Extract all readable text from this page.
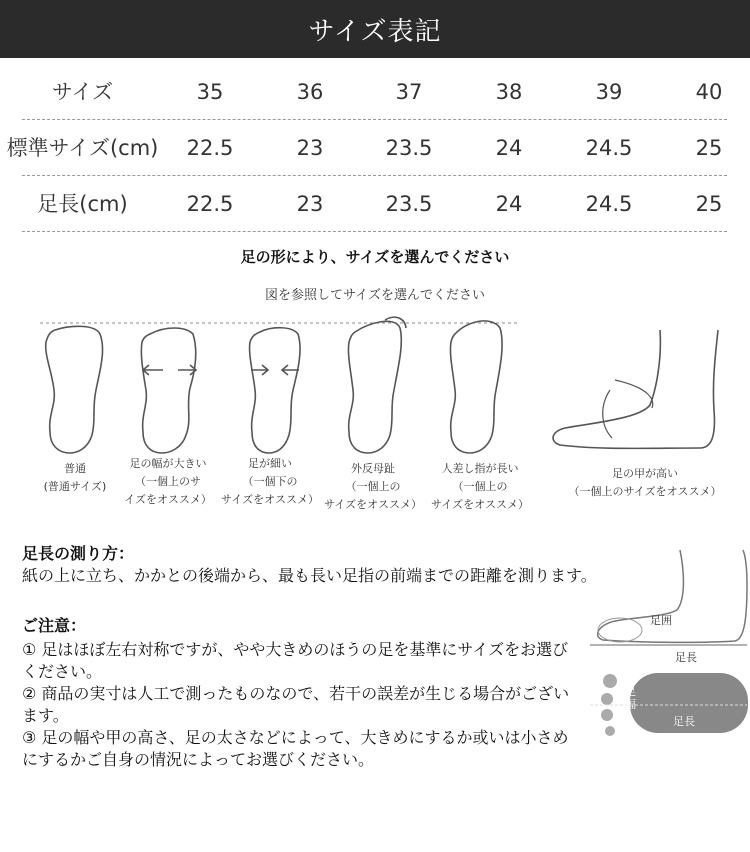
サイズ表記
サイズ	35	36	37	38	39	40
標準サイズ(cm)	22.5	23	23.5	24	24.5	25
足長(cm)	22.5	23	23.5	24	24.5	25
足の形により、サイズを選んでください
図を参照してサイズを選んでください
普通
(普通サイズ)
足の幅が大きい
（一個上のサ
イズをオススメ）
足が細い
（一個下の
サイズをオススメ）
外反母趾
（一個上の
サイズをオススメ）
人差し指が長い
（一個上の
サイズをオススメ）
足の甲が高い
（一個上のサイズをオススメ）
足長の測り方：
紙の上に立ち、かかとの後端から、最も長い足指の前端までの距離を測ります。
ご注意：

① 足はほぼ左右対称ですが、やや大きめのほうの足を基準にサイズをお選びください。

② 商品の実寸は人工で測ったものなので、若干の誤差が生じる場合がございます。

③ 足の幅や甲の高さ、足の太さなどによって、大きめにするか或いは小さめにするかご自身の情況によってお選びください。

足囲
足長
足幅
足長
